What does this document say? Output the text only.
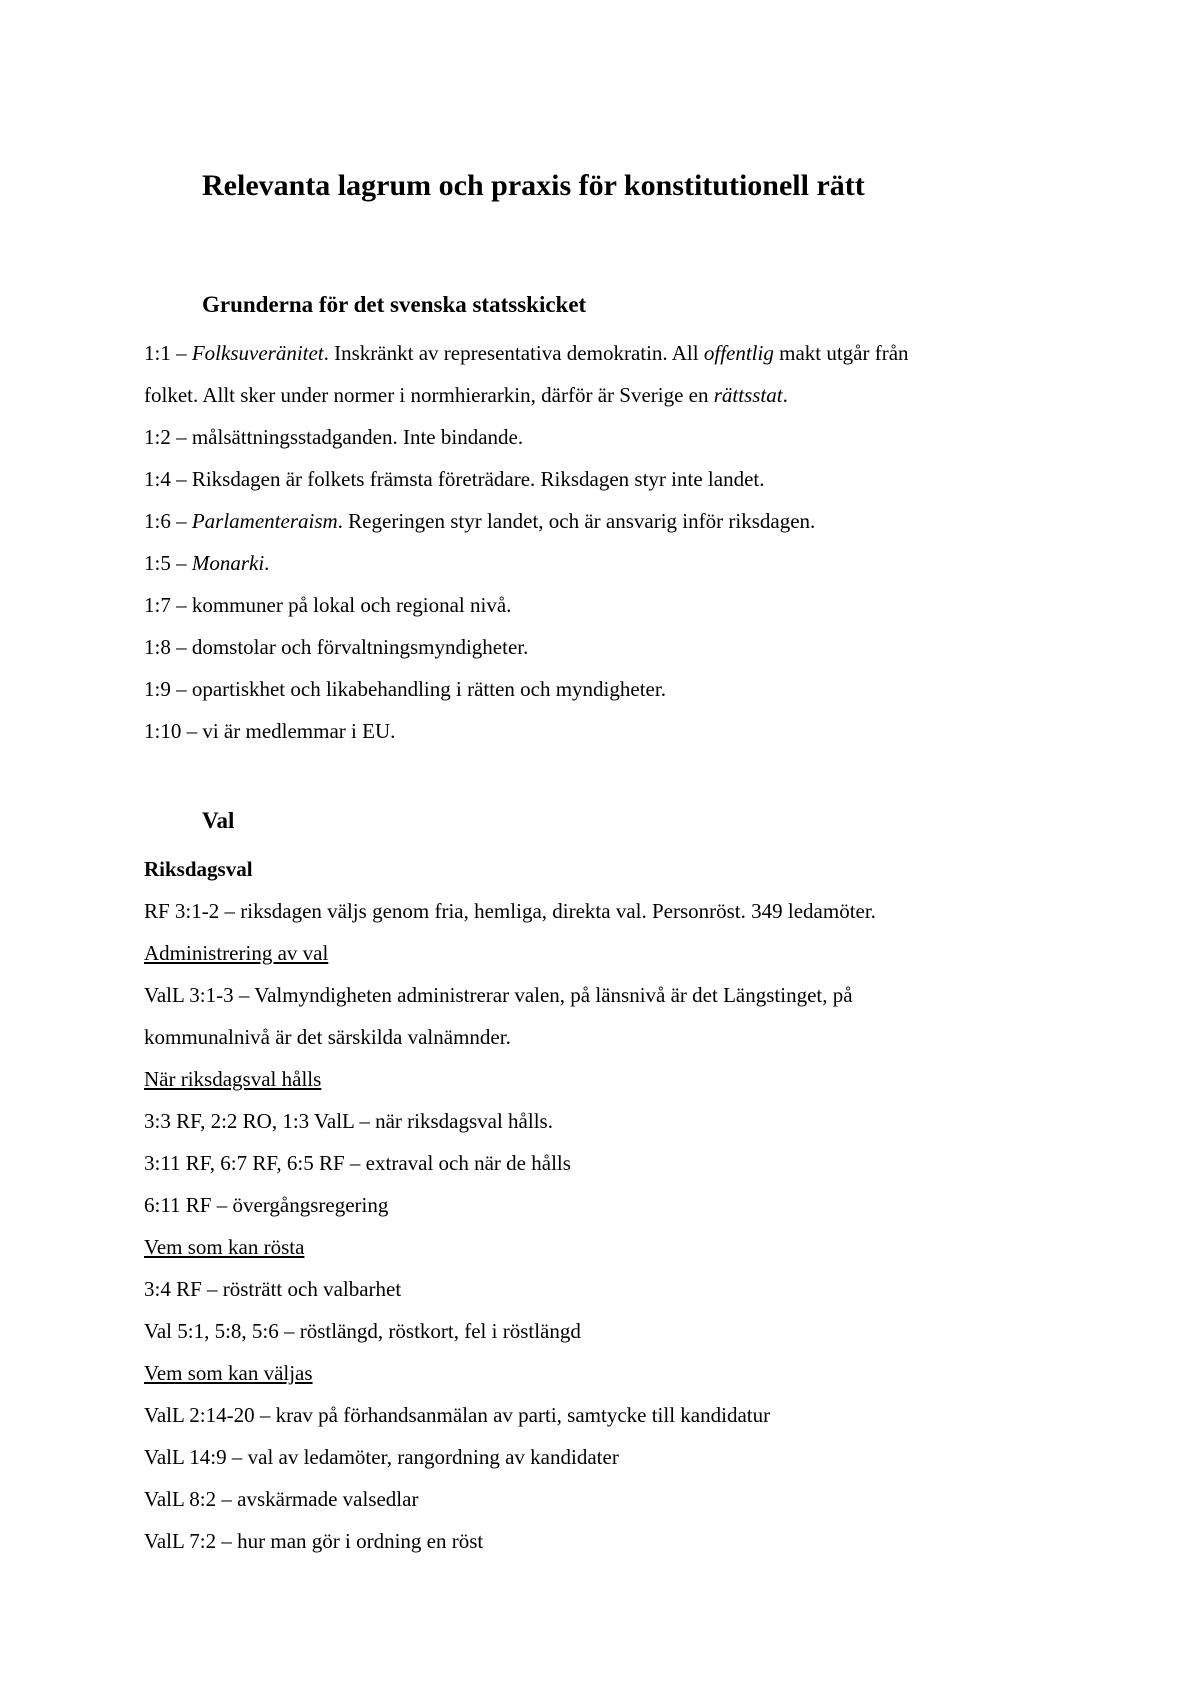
Relevanta lagrum och praxis för konstitutionell rätt
Grunderna för det svenska statsskicket

1:1 – Folksuveränitet. Inskränkt av representativa demokratin. All offentlig makt utgår från

folket. Allt sker under normer i normhierarkin, därför är Sverige en rättsstat.

1:2 – målsättningsstadganden. Inte bindande.

1:4 – Riksdagen är folkets främsta företrädare. Riksdagen styr inte landet.

1:6 – Parlamenteraism. Regeringen styr landet, och är ansvarig inför riksdagen.

1:5 – Monarki.

1:7 – kommuner på lokal och regional nivå.

1:8 – domstolar och förvaltningsmyndigheter.

1:9 – opartiskhet och likabehandling i rätten och myndigheter.

1:10 – vi är medlemmar i EU.

Val
Riksdagsval

RF 3:1-2 – riksdagen väljs genom fria, hemliga, direkta val. Personröst. 349 ledamöter.

Administrering av val

ValL 3:1-3 – Valmyndigheten administrerar valen, på länsnivå är det Längstinget, på

kommunalnivå är det särskilda valnämnder.

När riksdagsval hålls

3:3 RF, 2:2 RO, 1:3 ValL – när riksdagsval hålls.

3:11 RF, 6:7 RF, 6:5 RF – extraval och när de hålls

6:11 RF – övergångsregering

Vem som kan rösta

3:4 RF – rösträtt och valbarhet

Val 5:1, 5:8, 5:6 – röstlängd, röstkort, fel i röstlängd

Vem som kan väljas

ValL 2:14-20 – krav på förhandsanmälan av parti, samtycke till kandidatur

ValL 14:9 – val av ledamöter, rangordning av kandidater

ValL 8:2 – avskärmade valsedlar

ValL 7:2 – hur man gör i ordning en röst
